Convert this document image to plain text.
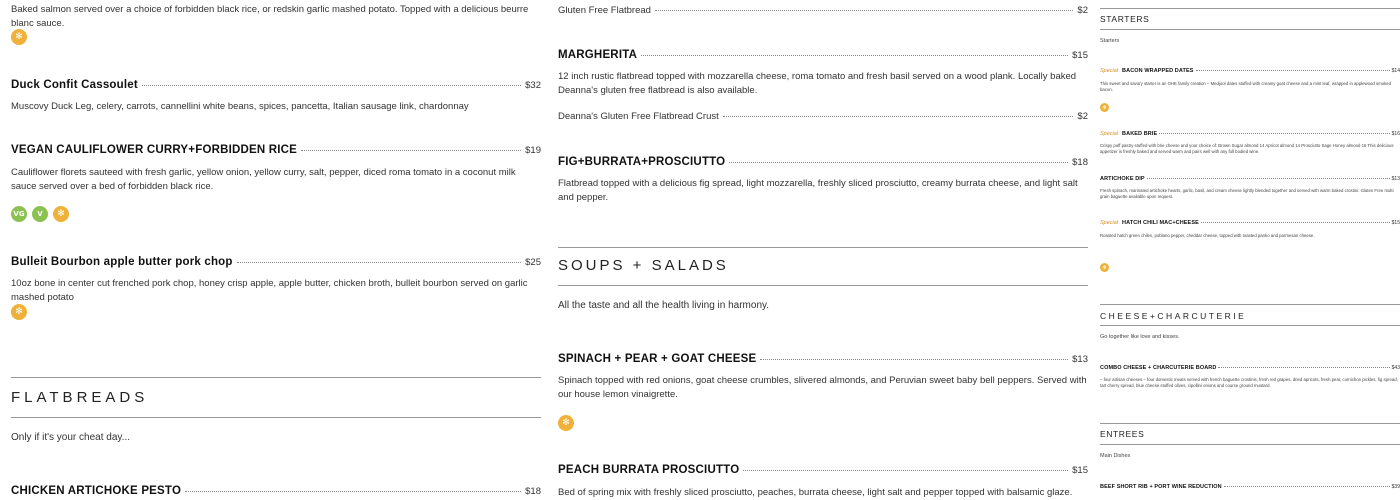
Baked salmon served over a choice of forbidden black rice, or redskin garlic mashed potato. Topped with a delicious beurre blanc sauce.
✻
Duck Confit Cassoulet	$32
Muscovy Duck Leg, celery, carrots, cannellini white beans, spices, pancetta, Italian sausage link, chardonnay
VEGAN CAULIFLOWER CURRY+FORBIDDEN RICE	$19
Cauliflower florets sauteed with fresh garlic, yellow onion, yellow curry, salt, pepper, diced roma tomato in a coconut milk sauce served over a bed of forbidden black rice.
VG	V	✻
Bulleit Bourbon apple butter pork chop	$25
10oz bone in center cut frenched pork chop, honey crisp apple, apple butter, chicken broth, bulleit bourbon served on garlic mashed potato
✻
FLATBREADS
Only if it's your cheat day...
CHICKEN ARTICHOKE PESTO	$18
Gluten Free Flatbread	$2
MARGHERITA	$15
12 inch rustic flatbread topped with mozzarella cheese, roma tomato and fresh basil served on a wood plank. Locally baked Deanna's gluten free flatbread is also available.
Deanna's Gluten Free Flatbread Crust	$2
FIG+BURRATA+PROSCIUTTO	$18
Flatbread topped with a delicious fig spread, light mozzarella, freshly sliced prosciutto, creamy burrata cheese, and light salt and pepper.
SOUPS + SALADS
All the taste and all the health living in harmony.
SPINACH + PEAR + GOAT CHEESE	$13
Spinach topped with red onions, goat cheese crumbles, slivered almonds, and Peruvian sweet baby bell peppers. Served with our house lemon vinaigrette.
✻
PEACH BURRATA PROSCIUTTO	$15
Bed of spring mix with freshly sliced prosciutto, peaches, burrata cheese, light salt and pepper topped with balsamic glaze.
STARTERS
Starters
Special BACON WRAPPED DATES	$14
This sweet and savory starter is an OHE family creation – Medjool dates stuffed with creamy goat cheese and a mint leaf, wrapped in applewood smoked bacon.
✻
Special BAKED BRIE	$16
Crispy puff pastry stuffed with brie cheese and your choice of: Brown Sugar almond 14 Apricot almond 14 Prosciutto Sage Honey almond 16 This delicious appetizer is freshly baked and served warm and pairs well with any full bodied wine.
ARTICHOKE DIP	$13
Fresh spinach, marinated artichoke hearts, garlic, basil, and cream cheese lightly blended together and served with warm baked crostini. Gluten Free multi grain baguette available upon request.
Special HATCH CHILI MAC+CHEESE	$15
Roasted hatch green chiles, poblano pepper, cheddar cheese, topped with toasted panko and parmesan cheese.
✻
CHEESE+CHARCUTERIE
Go together like love and kisses.
COMBO CHEESE + CHARCUTERIE BOARD	$43
– four artisan cheeses – four domestic meats served with french baguette crostinis, fresh red grapes, dried apricots, fresh pear, cornichon pickles, fig spread, tart cherry spread, blue cheese stuffed olives, cipollini onions and course ground mustard.
ENTREES
Main Dishes
BEEF SHORT RIB + PORT WINE REDUCTION	$39
